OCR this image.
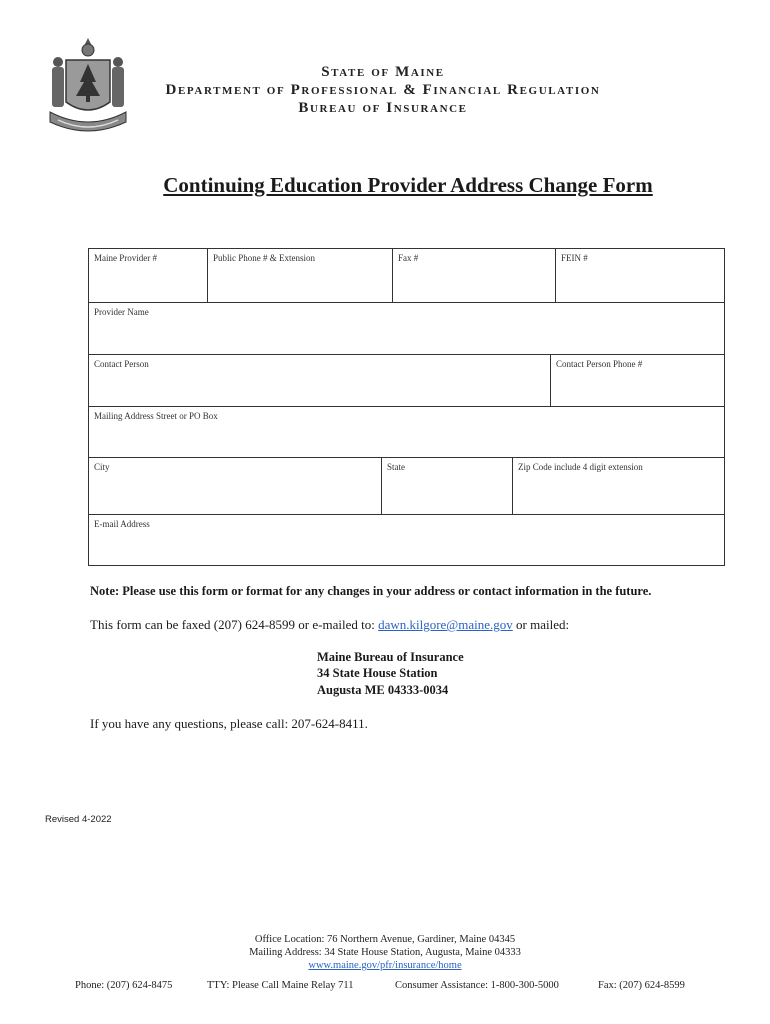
State of Maine
Department of Professional & Financial Regulation
Bureau of Insurance
Continuing Education Provider Address Change Form
Maine Provider #	Public Phone # & Extension	Fax #	FEIN #
Provider Name
Contact Person	Contact Person Phone #
Mailing Address Street or PO Box
City	State	Zip Code include 4 digit extension
E-mail Address
Note: Please use this form or format for any changes in your address or contact information in the future.
This form can be faxed (207) 624-8599 or e-mailed to: dawn.kilgore@maine.gov or mailed:
Maine Bureau of Insurance
34 State House Station
Augusta ME 04333-0034
If you have any questions, please call: 207-624-8411.
Revised 4-2022
Office Location: 76 Northern Avenue, Gardiner, Maine 04345
Mailing Address: 34 State House Station, Augusta, Maine 04333
www.maine.gov/pfr/insurance/home
Phone: (207) 624-8475	TTY: Please Call Maine Relay 711	Consumer Assistance: 1-800-300-5000	Fax: (207) 624-8599
